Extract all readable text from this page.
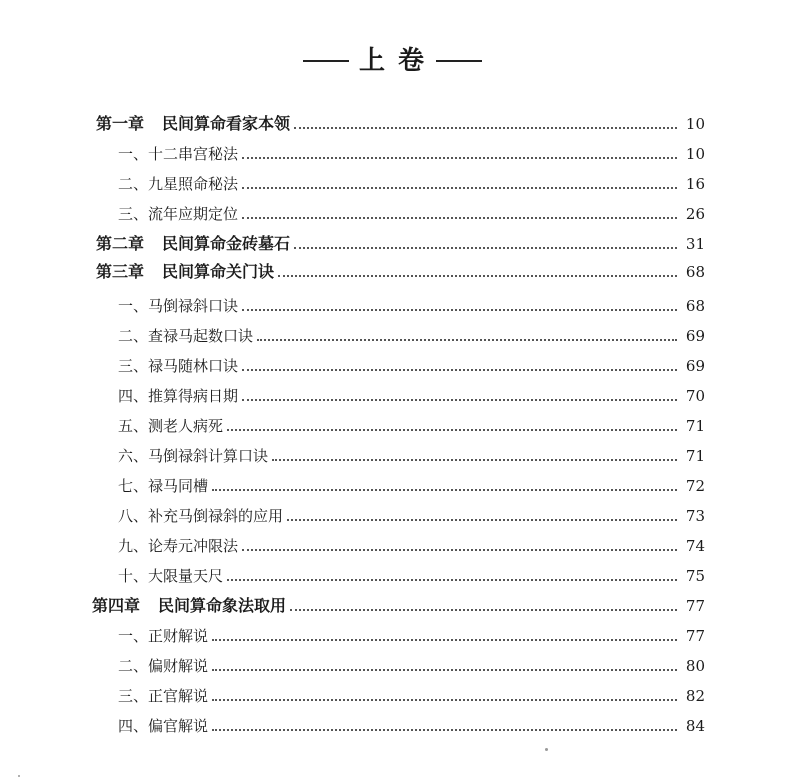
上 卷
第一章 民间算命看家本领	10
一、十二串宫秘法	10
二、九星照命秘法	16
三、流年应期定位	26
第二章 民间算命金砖墓石	31
第三章 民间算命关门诀	68
一、马倒禄斜口诀	68
二、查禄马起数口诀	69
三、禄马随林口诀	69
四、推算得病日期	70
五、测老人病死	71
六、马倒禄斜计算口诀	71
七、禄马同槽	72
八、补充马倒禄斜的应用	73
九、论寿元冲限法	74
十、大限量天尺	75
第四章 民间算命象法取用	77
一、正财解说	77
二、偏财解说	80
三、正官解说	82
四、偏官解说	84
